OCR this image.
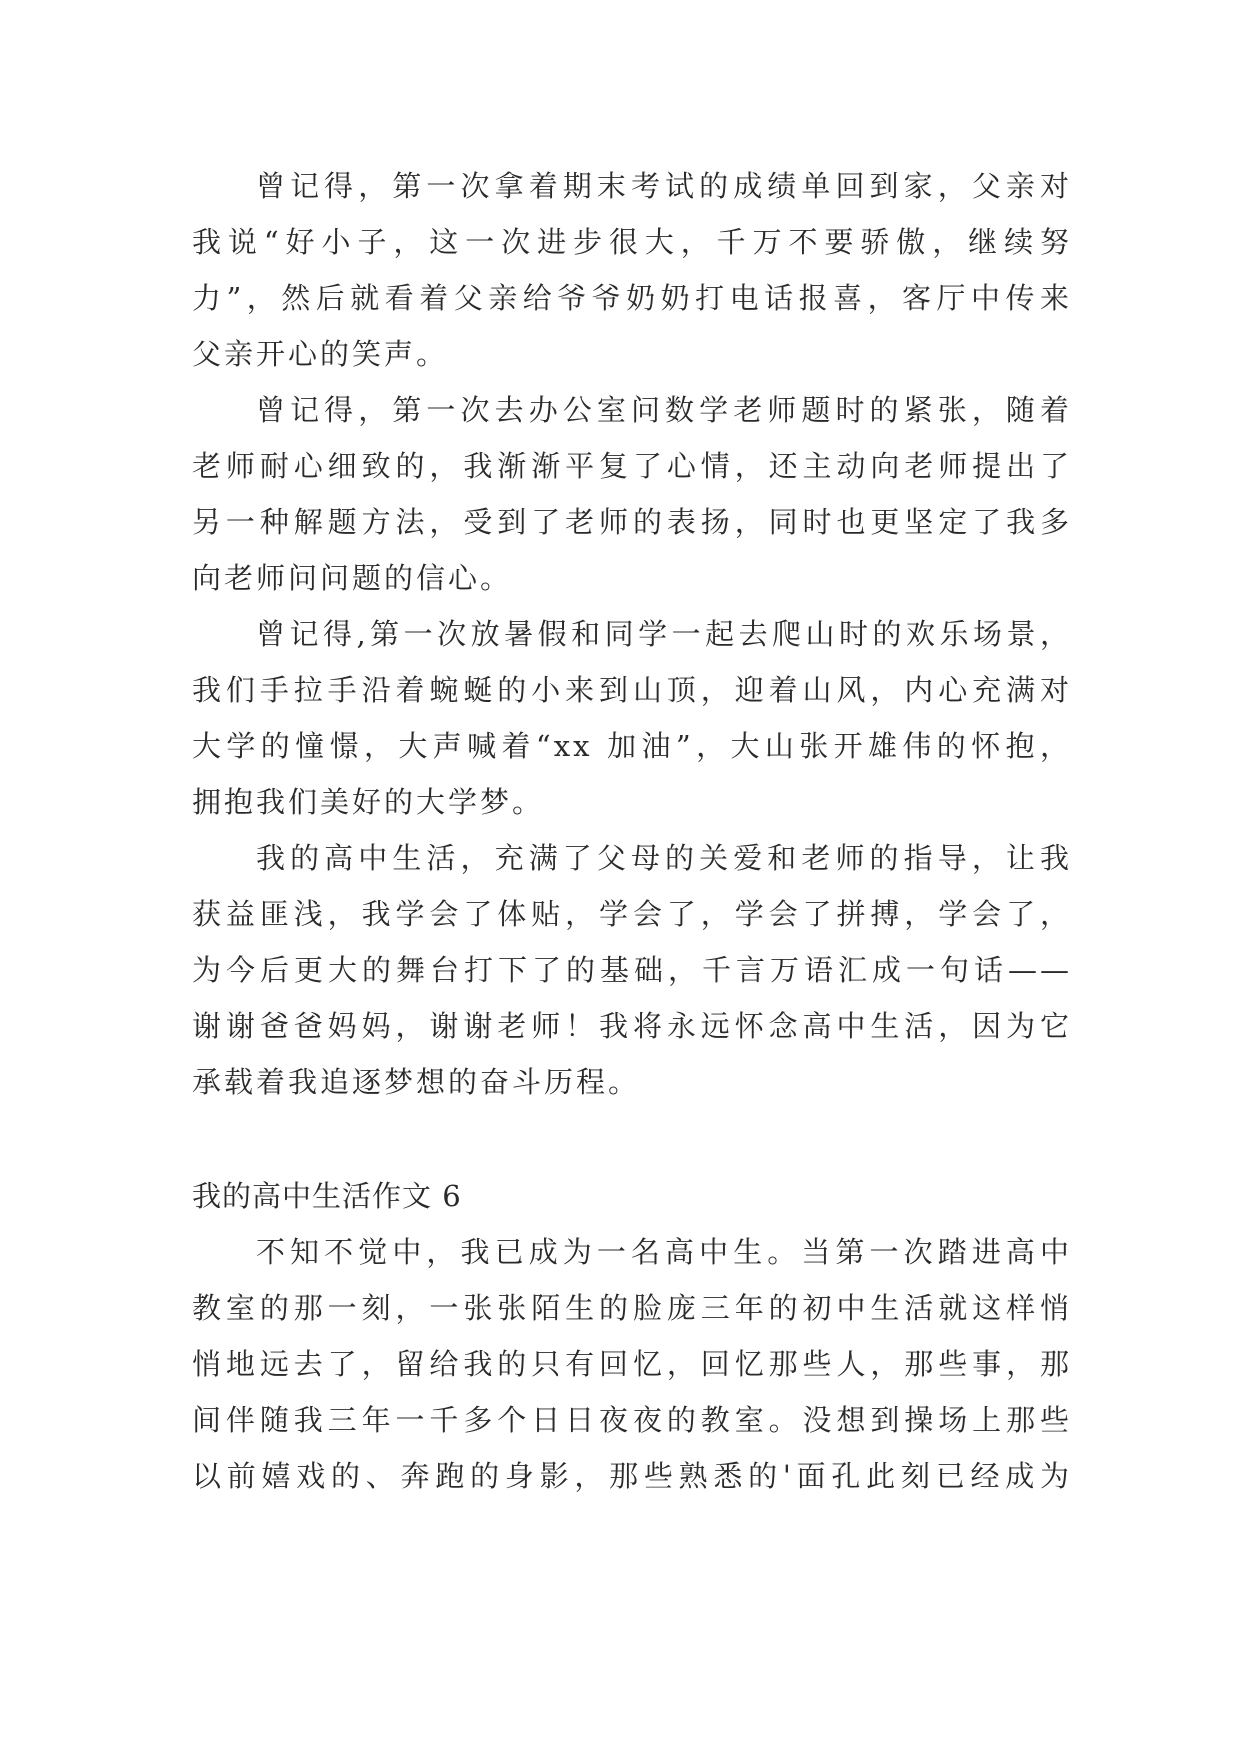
曾记得，第一次拿着期末考试的成绩单回到家，父亲对
我说“好小子，这一次进步很大，千万不要骄傲，继续努
力”，然后就看着父亲给爷爷奶奶打电话报喜，客厅中传来
父亲开心的笑声。
曾记得，第一次去办公室问数学老师题时的紧张，随着
老师耐心细致的，我渐渐平复了心情，还主动向老师提出了
另一种解题方法，受到了老师的表扬，同时也更坚定了我多
向老师问问题的信心。
曾记得,第一次放暑假和同学一起去爬山时的欢乐场景，
我们手拉手沿着蜿蜒的小来到山顶，迎着山风，内心充满对
大学的憧憬，大声喊着“xx 加油”，大山张开雄伟的怀抱，
拥抱我们美好的大学梦。
我的高中生活，充满了父母的关爱和老师的指导，让我
获益匪浅，我学会了体贴，学会了，学会了拼搏，学会了，
为今后更大的舞台打下了的基础，千言万语汇成一句话——
谢谢爸爸妈妈，谢谢老师！我将永远怀念高中生活，因为它
承载着我追逐梦想的奋斗历程。
我的高中生活作文 6
不知不觉中，我已成为一名高中生。当第一次踏进高中
教室的那一刻，一张张陌生的脸庞三年的初中生活就这样悄
悄地远去了，留给我的只有回忆，回忆那些人，那些事，那
间伴随我三年一千多个日日夜夜的教室。没想到操场上那些
以前嬉戏的、奔跑的身影，那些熟悉的'面孔此刻已经成为
